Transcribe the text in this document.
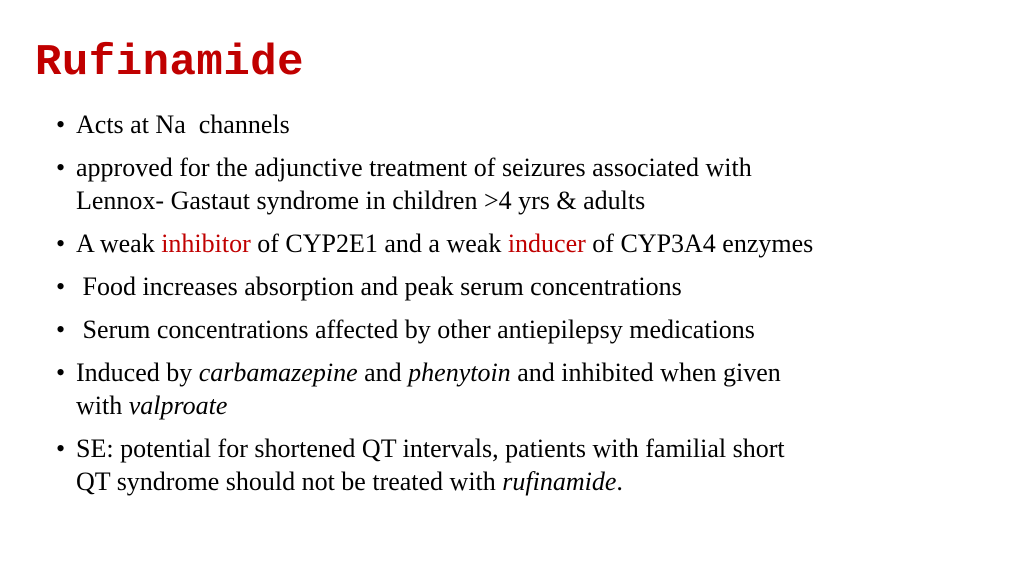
Rufinamide
• Acts at Na  channels
• approved for the adjunctive treatment of seizures associated with
Lennox- Gastaut syndrome in children >4 yrs & adults
• A weak inhibitor of CYP2E1 and a weak inducer of CYP3A4 enzymes
• Food increases absorption and peak serum concentrations
• Serum concentrations affected by other antiepilepsy medications
• Induced by carbamazepine and phenytoin and inhibited when given
with valproate
• SE: potential for shortened QT intervals, patients with familial short
QT syndrome should not be treated with rufinamide.
